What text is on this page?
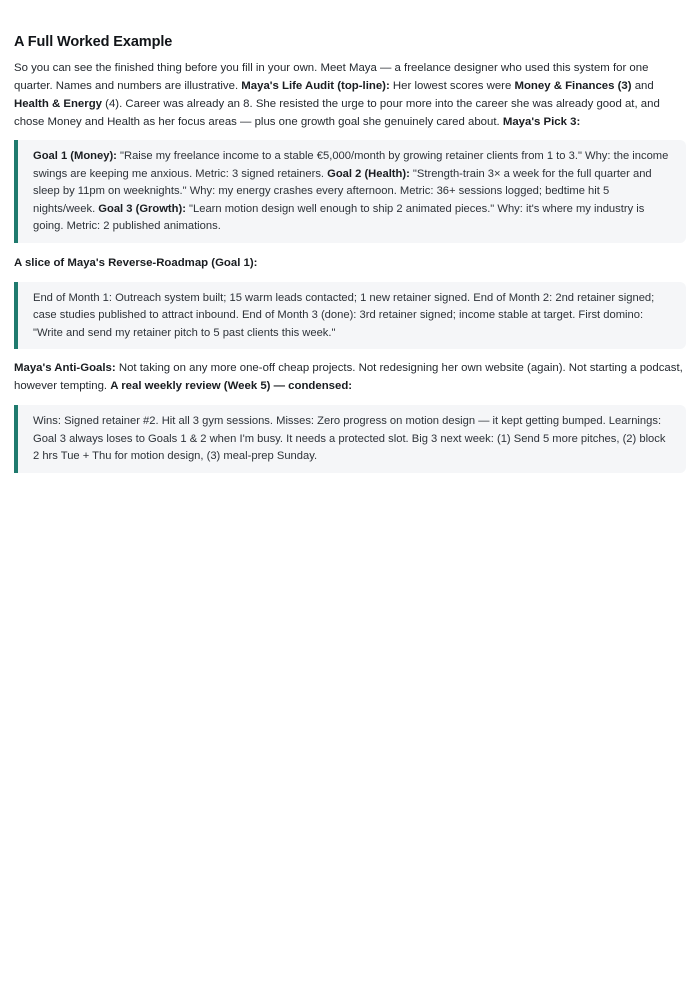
A Full Worked Example

So you can see the finished thing before you fill in your own. Meet Maya — a freelance designer who used this system for one quarter. Names and numbers are illustrative. Maya's Life Audit (top-line): Her lowest scores were Money & Finances (3) and Health & Energy (4). Career was already an 8. She resisted the urge to pour more into the career she was already good at, and chose Money and Health as her focus areas — plus one growth goal she genuinely cared about. Maya's Pick 3:

Goal 1 (Money): "Raise my freelance income to a stable €5,000/month by growing retainer clients from 1 to 3." Why: the income swings are keeping me anxious. Metric: 3 signed retainers. Goal 2 (Health): "Strength-train 3× a week for the full quarter and sleep by 11pm on weeknights." Why: my energy crashes every afternoon. Metric: 36+ sessions logged; bedtime hit 5 nights/week. Goal 3 (Growth): "Learn motion design well enough to ship 2 animated pieces." Why: it's where my industry is going. Metric: 2 published animations.

A slice of Maya's Reverse-Roadmap (Goal 1):

End of Month 1: Outreach system built; 15 warm leads contacted; 1 new retainer signed. End of Month 2: 2nd retainer signed; case studies published to attract inbound. End of Month 3 (done): 3rd retainer signed; income stable at target. First domino: "Write and send my retainer pitch to 5 past clients this week."

Maya's Anti-Goals: Not taking on any more one-off cheap projects. Not redesigning her own website (again). Not starting a podcast, however tempting. A real weekly review (Week 5) — condensed:

Wins: Signed retainer #2. Hit all 3 gym sessions. Misses: Zero progress on motion design — it kept getting bumped. Learnings: Goal 3 always loses to Goals 1 & 2 when I'm busy. It needs a protected slot. Big 3 next week: (1) Send 5 more pitches, (2) block 2 hrs Tue + Thu for motion design, (3) meal-prep Sunday.
